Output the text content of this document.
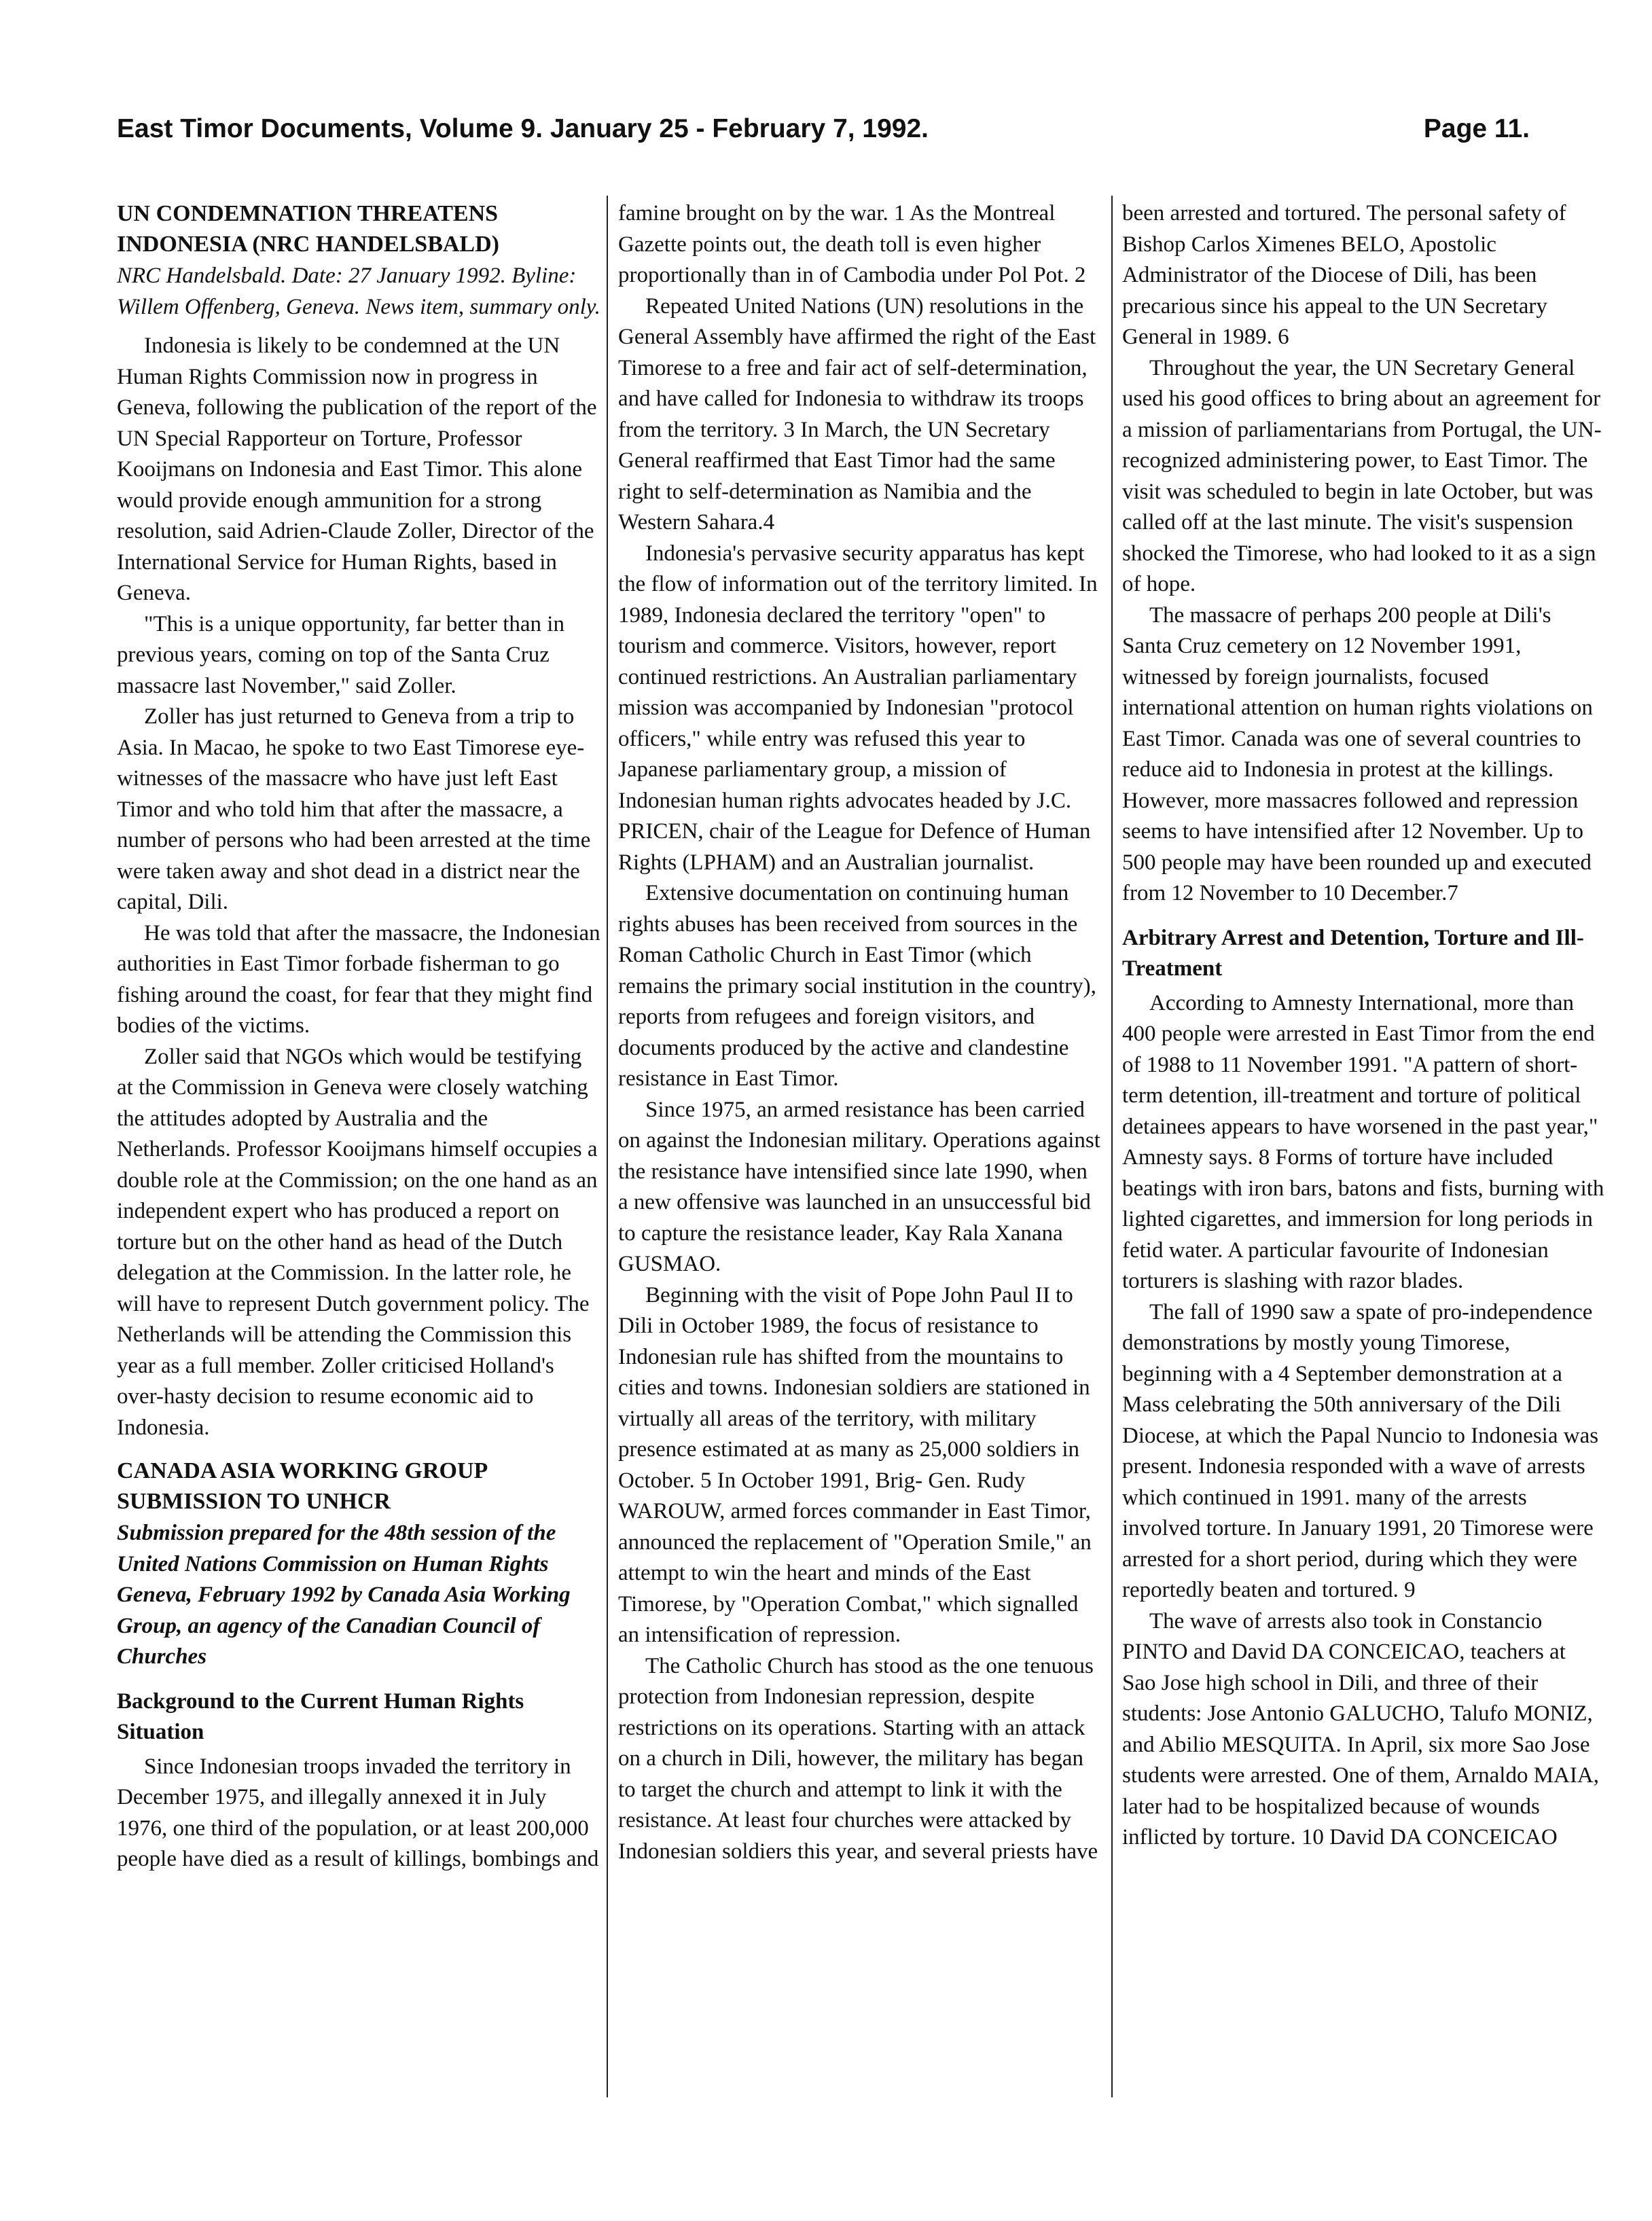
East Timor Documents, Volume 9. January 25 - February 7, 1992.	Page 11.
UN CONDEMNATION THREATENS INDONESIA (NRC HANDELSBALD)
NRC Handelsbald. Date: 27 January 1992. Byline: Willem Offenberg, Geneva. News item, summary only.

Indonesia is likely to be condemned at the UN Human Rights Commission now in progress in Geneva, following the publication of the report of the UN Special Rapporteur on Torture, Professor Kooijmans on Indonesia and East Timor. This alone would provide enough ammunition for a strong resolution, said Adrien-Claude Zoller, Director of the International Service for Human Rights, based in Geneva.

"This is a unique opportunity, far better than in previous years, coming on top of the Santa Cruz massacre last November," said Zoller.

Zoller has just returned to Geneva from a trip to Asia. In Macao, he spoke to two East Timorese eye-witnesses of the massacre who have just left East Timor and who told him that after the massacre, a number of persons who had been arrested at the time were taken away and shot dead in a district near the capital, Dili.

He was told that after the massacre, the Indonesian authorities in East Timor forbade fisherman to go fishing around the coast, for fear that they might find bodies of the victims.

Zoller said that NGOs which would be testifying at the Commission in Geneva were closely watching the attitudes adopted by Australia and the Netherlands. Professor Kooijmans himself occupies a double role at the Commission; on the one hand as an independent expert who has produced a report on torture but on the other hand as head of the Dutch delegation at the Commission. In the latter role, he will have to represent Dutch government policy. The Netherlands will be attending the Commission this year as a full member. Zoller criticised Holland's over-hasty decision to resume economic aid to Indonesia.

CANADA ASIA WORKING GROUP SUBMISSION TO UNHCR
Submission prepared for the 48th session of the United Nations Commission on Human Rights Geneva, February 1992 by Canada Asia Working Group, an agency of the Canadian Council of Churches
Background to the Current Human Rights Situation

Since Indonesian troops invaded the territory in December 1975, and illegally annexed it in July 1976, one third of the population, or at least 200,000 people have died as a result of killings, bombings and

famine brought on by the war. 1 As the Montreal Gazette points out, the death toll is even higher proportionally than in of Cambodia under Pol Pot. 2

Repeated United Nations (UN) resolutions in the General Assembly have affirmed the right of the East Timorese to a free and fair act of self-determination, and have called for Indonesia to withdraw its troops from the territory. 3 In March, the UN Secretary General reaffirmed that East Timor had the same right to self-determination as Namibia and the Western Sahara.4

Indonesia's pervasive security apparatus has kept the flow of information out of the territory limited. In 1989, Indonesia declared the territory "open" to tourism and commerce. Visitors, however, report continued restrictions. An Australian parliamentary mission was accompanied by Indonesian "protocol officers," while entry was refused this year to Japanese parliamentary group, a mission of Indonesian human rights advocates headed by J.C. PRICEN, chair of the League for Defence of Human Rights (LPHAM) and an Australian journalist.

Extensive documentation on continuing human rights abuses has been received from sources in the Roman Catholic Church in East Timor (which remains the primary social institution in the country), reports from refugees and foreign visitors, and documents produced by the active and clandestine resistance in East Timor.

Since 1975, an armed resistance has been carried on against the Indonesian military. Operations against the resistance have intensified since late 1990, when a new offensive was launched in an unsuccessful bid to capture the resistance leader, Kay Rala Xanana GUSMAO.

Beginning with the visit of Pope John Paul II to Dili in October 1989, the focus of resistance to Indonesian rule has shifted from the mountains to cities and towns. Indonesian soldiers are stationed in virtually all areas of the territory, with military presence estimated at as many as 25,000 soldiers in October. 5 In October 1991, Brig- Gen. Rudy WAROUW, armed forces commander in East Timor, announced the replacement of "Operation Smile," an attempt to win the heart and minds of the East Timorese, by "Operation Combat," which signalled an intensification of repression.

The Catholic Church has stood as the one tenuous protection from Indonesian repression, despite restrictions on its operations. Starting with an attack on a church in Dili, however, the military has began to target the church and attempt to link it with the resistance. At least four churches were attacked by Indonesian soldiers this year, and several priests have

been arrested and tortured. The personal safety of Bishop Carlos Ximenes BELO, Apostolic Administrator of the Diocese of Dili, has been precarious since his appeal to the UN Secretary General in 1989. 6

Throughout the year, the UN Secretary General used his good offices to bring about an agreement for a mission of parliamentarians from Portugal, the UN-recognized administering power, to East Timor. The visit was scheduled to begin in late October, but was called off at the last minute. The visit's suspension shocked the Timorese, who had looked to it as a sign of hope.

The massacre of perhaps 200 people at Dili's Santa Cruz cemetery on 12 November 1991, witnessed by foreign journalists, focused international attention on human rights violations on East Timor. Canada was one of several countries to reduce aid to Indonesia in protest at the killings. However, more massacres followed and repression seems to have intensified after 12 November. Up to 500 people may have been rounded up and executed from 12 November to 10 December.7

Arbitrary Arrest and Detention, Torture and Ill-Treatment

According to Amnesty International, more than 400 people were arrested in East Timor from the end of 1988 to 11 November 1991. "A pattern of short-term detention, ill-treatment and torture of political detainees appears to have worsened in the past year," Amnesty says. 8 Forms of torture have included beatings with iron bars, batons and fists, burning with lighted cigarettes, and immersion for long periods in fetid water. A particular favourite of Indonesian torturers is slashing with razor blades.

The fall of 1990 saw a spate of pro-independence demonstrations by mostly young Timorese, beginning with a 4 September demonstration at a Mass celebrating the 50th anniversary of the Dili Diocese, at which the Papal Nuncio to Indonesia was present. Indonesia responded with a wave of arrests which continued in 1991. many of the arrests involved torture. In January 1991, 20 Timorese were arrested for a short period, during which they were reportedly beaten and tortured. 9

The wave of arrests also took in Constancio PINTO and David DA CONCEICAO, teachers at Sao Jose high school in Dili, and three of their students: Jose Antonio GALUCHO, Talufo MONIZ, and Abilio MESQUITA. In April, six more Sao Jose students were arrested. One of them, Arnaldo MAIA, later had to be hospitalized because of wounds inflicted by torture. 10 David DA CONCEICAO
